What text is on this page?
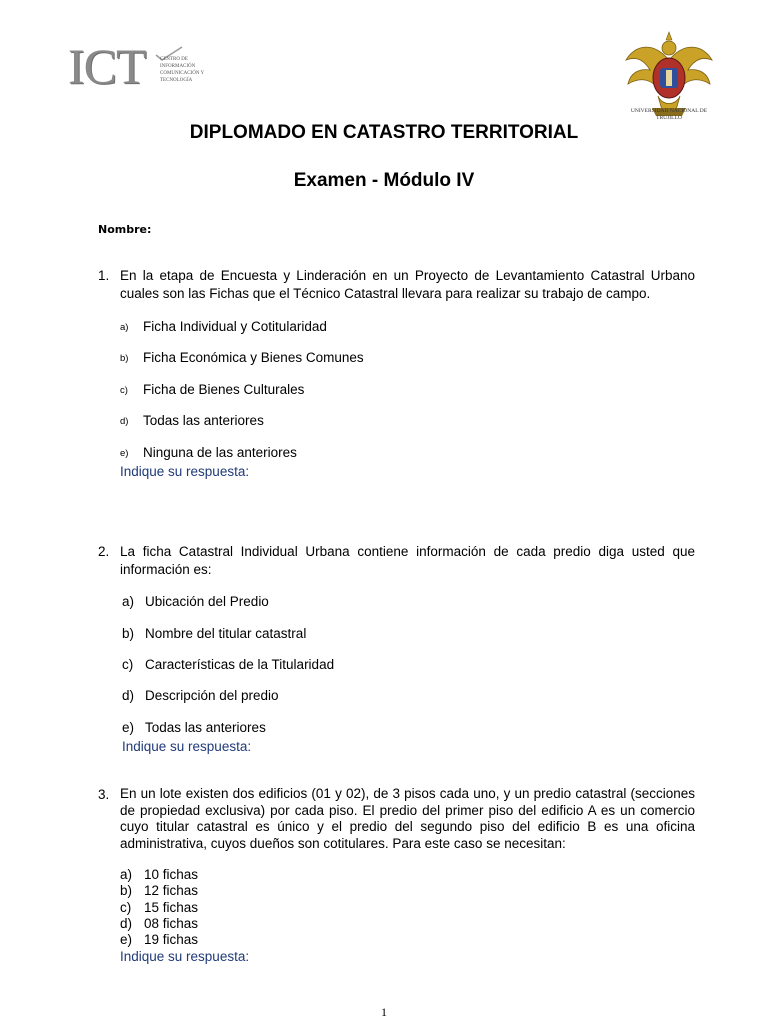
ICT	CENTRO DE INFORMACIÓN COMUNICACIÓN Y TECNOLOGÍA
UNIVERSIDAD NACIONAL DE TRUJILLO
DIPLOMADO EN CATASTRO TERRITORIAL
Examen - Módulo IV
Nombre:
1. En la etapa de Encuesta y Linderación en un Proyecto de Levantamiento Catastral Urbano cuales son las Fichas que el Técnico Catastral llevara para realizar su trabajo de campo.
a) Ficha Individual y Cotitularidad
b) Ficha Económica y Bienes Comunes
c) Ficha de Bienes Culturales
d) Todas las anteriores
e) Ninguna de las anteriores
Indique su respuesta:
2. La ficha Catastral Individual Urbana contiene información de cada predio diga usted que información es:
a) Ubicación del Predio
b) Nombre del titular catastral
c) Características de la Titularidad
d) Descripción del predio
e) Todas las anteriores
Indique su respuesta:
3. En un lote existen dos edificios (01 y 02), de 3 pisos cada uno, y un predio catastral (secciones de propiedad exclusiva) por cada piso. El predio del primer piso del edificio A es un comercio cuyo titular catastral es único y el predio del segundo piso del edificio B es una oficina administrativa, cuyos dueños son cotitulares. Para este caso se necesitan:
a) 10 fichas
b) 12 fichas
c) 15 fichas
d) 08 fichas
e) 19 fichas
Indique su respuesta:
1
